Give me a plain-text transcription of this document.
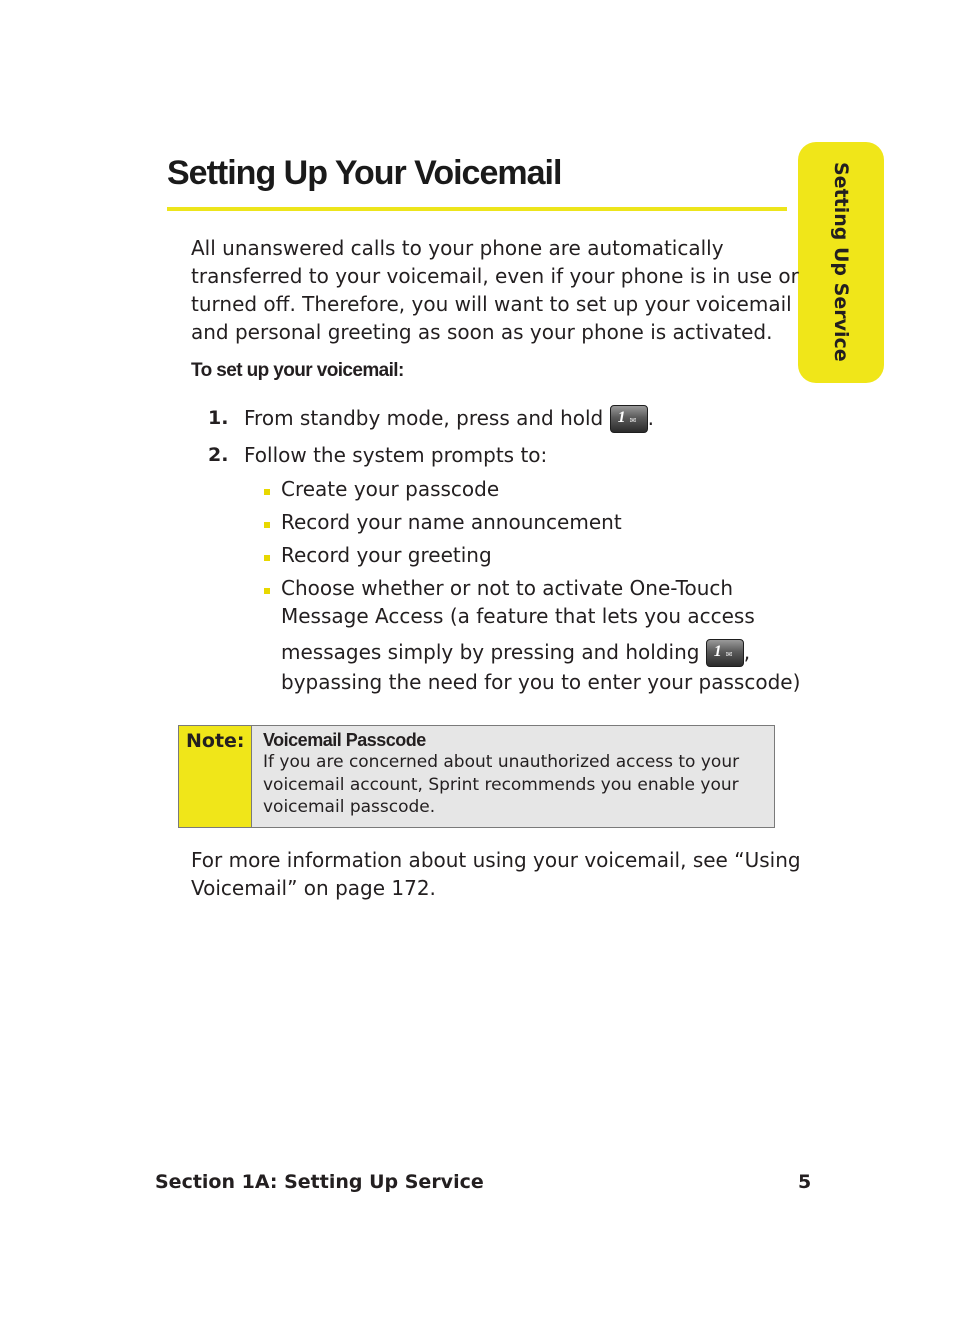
Setting Up Your Voicemail	Setting Up Service
All unanswered calls to your phone are automatically
transferred to your voicemail, even if your phone is in use or
turned off. Therefore, you will want to set up your voicemail
and personal greeting as soon as your phone is activated.
To set up your voicemail:
1. From standby mode, press and hold 1 ✉ .
2. Follow the system prompts to:
Create your passcode
Record your name announcement
Record your greeting
Choose whether or not to activate One-Touch
Message Access (a feature that lets you access
messages simply by pressing and holding 1 ✉ ,
bypassing the need for you to enter your passcode)
Note: Voicemail Passcode
If you are concerned about unauthorized access to your
voicemail account, Sprint recommends you enable your
voicemail passcode.
For more information about using your voicemail, see “Using
Voicemail” on page 172.
Section 1A: Setting Up Service	5
